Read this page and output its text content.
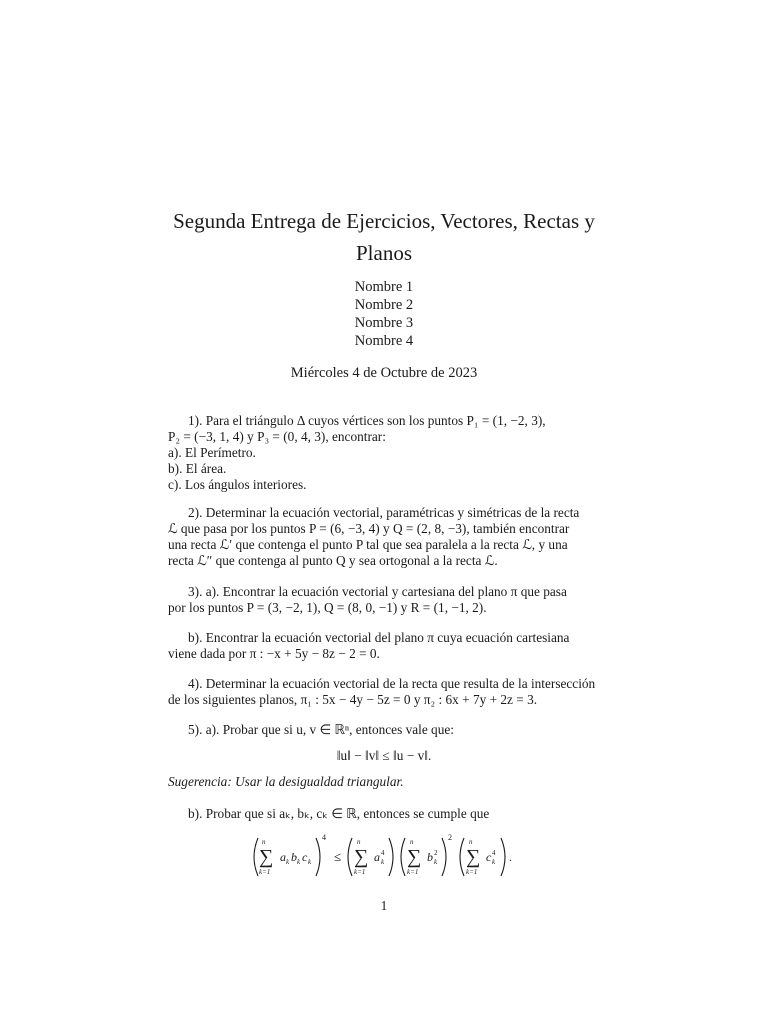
Segunda Entrega de Ejercicios, Vectores, Rectas y Planos
Nombre 1
Nombre 2
Nombre 3
Nombre 4
Miércoles 4 de Octubre de 2023

1). Para el triángulo Δ cuyos vértices son los puntos P₁ = (1, −2, 3),

P₂ = (−3, 1, 4) y P₃ = (0, 4, 3), encontrar:

a). El Perímetro.

b). El área.

c). Los ángulos interiores.

2). Determinar la ecuación vectorial, paramétricas y simétricas de la recta

ℒ que pasa por los puntos P = (6, −3, 4) y Q = (2, 8, −3), también encontrar

una recta ℒ′ que contenga el punto P tal que sea paralela a la recta ℒ, y una

recta ℒ″ que contenga al punto Q y sea ortogonal a la recta ℒ.

3). a). Encontrar la ecuación vectorial y cartesiana del plano π que pasa

por los puntos P = (3, −2, 1), Q = (8, 0, −1) y R = (1, −1, 2).

b). Encontrar la ecuación vectorial del plano π cuya ecuación cartesiana

viene dada por π : −x + 5y − 8z − 2 = 0.

4). Determinar la ecuación vectorial de la recta que resulta de la intersección

de los siguientes planos, π₁ : 5x − 4y − 5z = 0 y π₂ : 6x + 7y + 2z = 3.

5). a). Probar que si u, v ∈ ℝⁿ, entonces vale que:

‖u‖ − ‖v‖ ≤ ‖u − v‖.
Sugerencia: Usar la desigualdad triangular.

b). Probar que si aₖ, bₖ, cₖ ∈ ℝ, entonces se cumple que

n
∑
k=1
a k b k c k
4
≤
n
∑
k=1
a 4
k
n
∑
k=1
b 2
k
2 n
∑
k=1
c 4
k .
1
